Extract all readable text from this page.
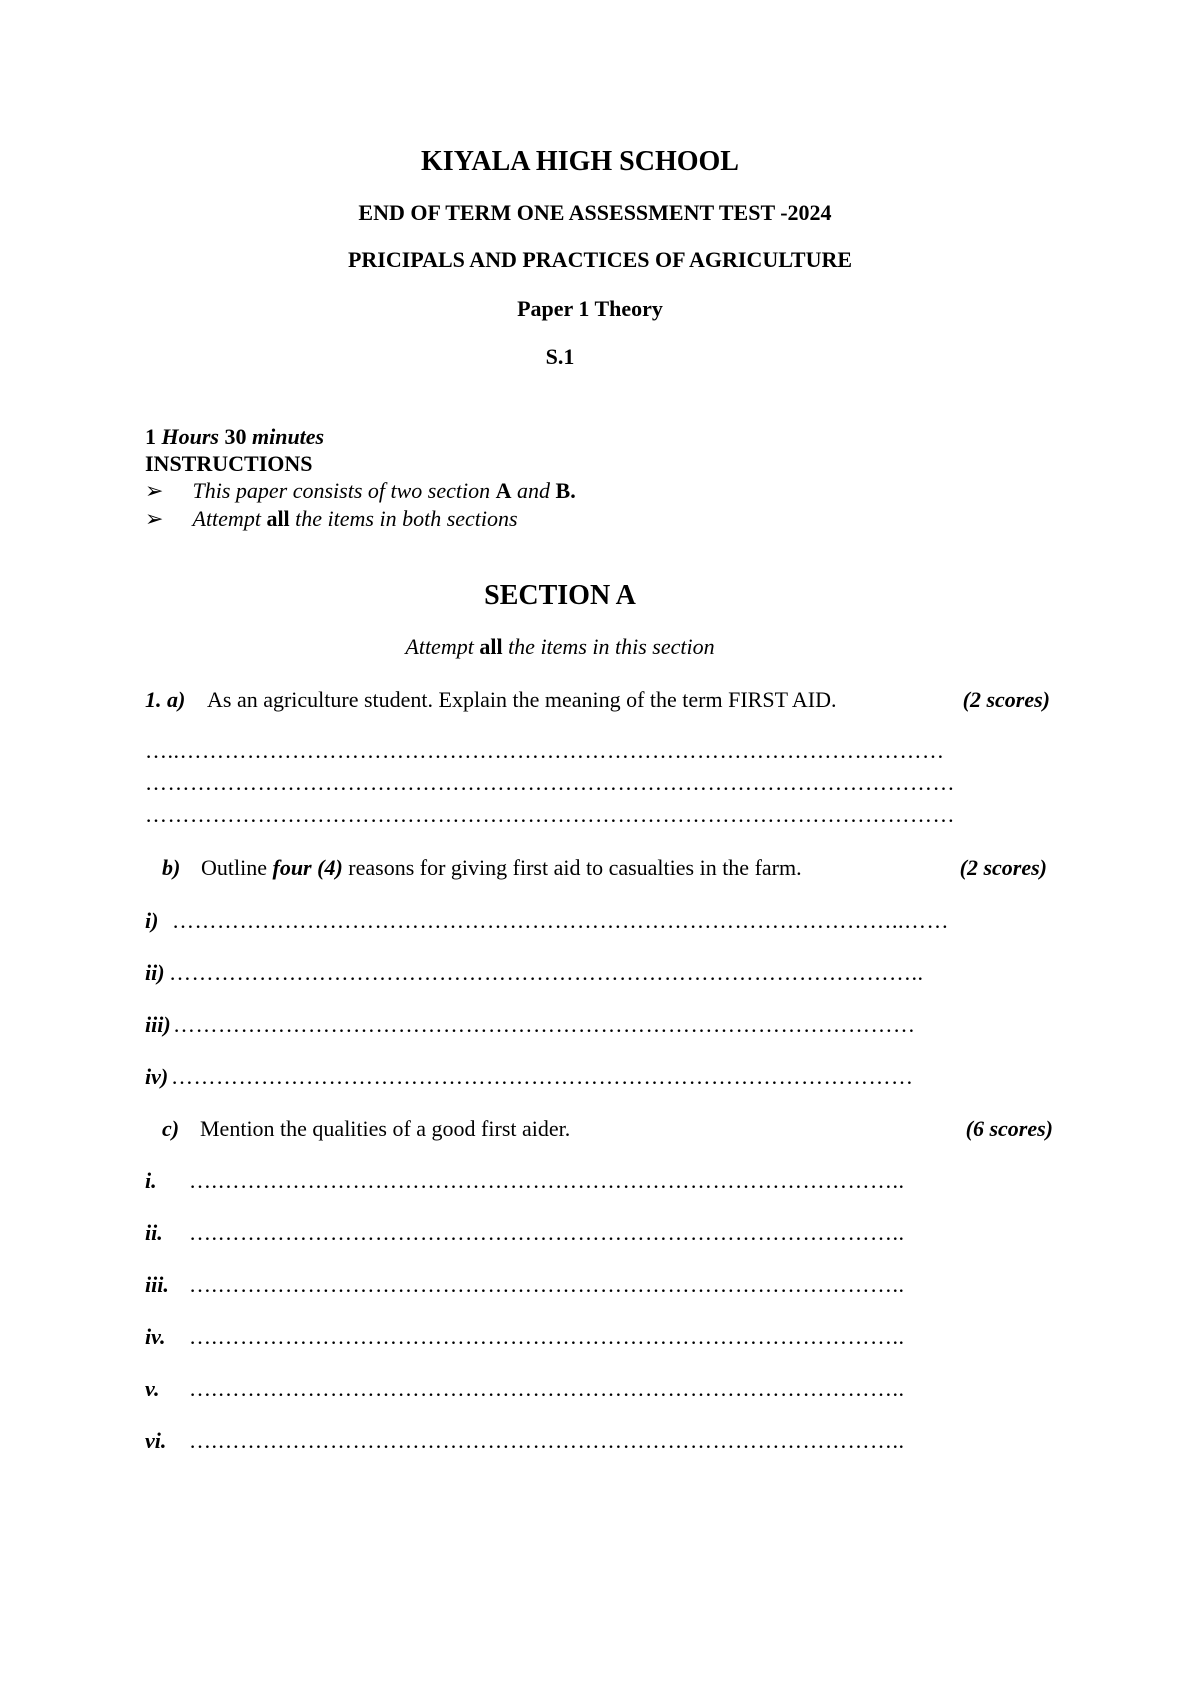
KIYALA HIGH SCHOOL
END OF TERM ONE ASSESSMENT TEST -2024
PRICIPALS AND PRACTICES OF AGRICULTURE
Paper 1 Theory
S.1
1 Hours 30 minutes
INSTRUCTIONS
➢ This paper consists of two section A and B.
➢ Attempt all the items in both sections
SECTION A
Attempt all the items in this section
1. a) As an agriculture student. Explain the meaning of the term FIRST AID.	(2 scores)
…..…………………………………………………………………………………………
………………………………………………………………………………………………
………………………………………………………………………………………………
b) Outline four (4) reasons for giving first aid to casualties in the farm.	(2 scores)
i) ……………………………………………………………………………………..……
ii) ………………………………………………………………………………………..
iii) ………………………………………………………………………………………
iv) ………………………………………………………………………………………
c) Mention the qualities of a good first aider.	(6 scores)
i. ….………………………………………………………………………………..
ii. ….………………………………………………………………………………..
iii. ….………………………………………………………………………………..
iv. ….………………………………………………………………………………..
v. ….………………………………………………………………………………..
vi. ….………………………………………………………………………………..
